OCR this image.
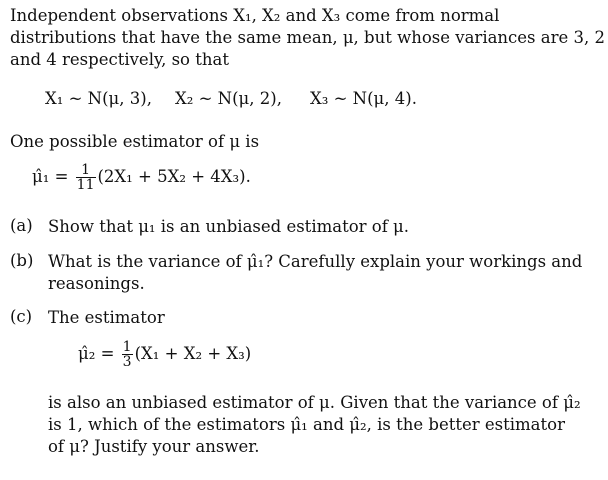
Independent observations X₁, X₂ and X₃ come from normal
distributions that have the same mean, μ, but whose variances are 3, 2
and 4 respectively, so that
X₁ ~ N(μ, 3), X₂ ~ N(μ, 2), X₃ ~ N(μ, 4).
One possible estimator of μ is
μ̂₁ = $\frac{1}{11} (2X_1 + 5X_2 + 4X_3)$.
(a) Show that μ₁ is an unbiased estimator of μ.
(b) What is the variance of μ̂₁? Carefully explain your workings and
reasonings.
(c) The estimator
μ̂₂ = $\frac{1}{3} (X_1 + X_2 + X_3)$
is also an unbiased estimator of μ. Given that the variance of μ̂₂
is 1, which of the estimators μ̂₁ and μ̂₂, is the better estimator
of μ? Justify your answer.
